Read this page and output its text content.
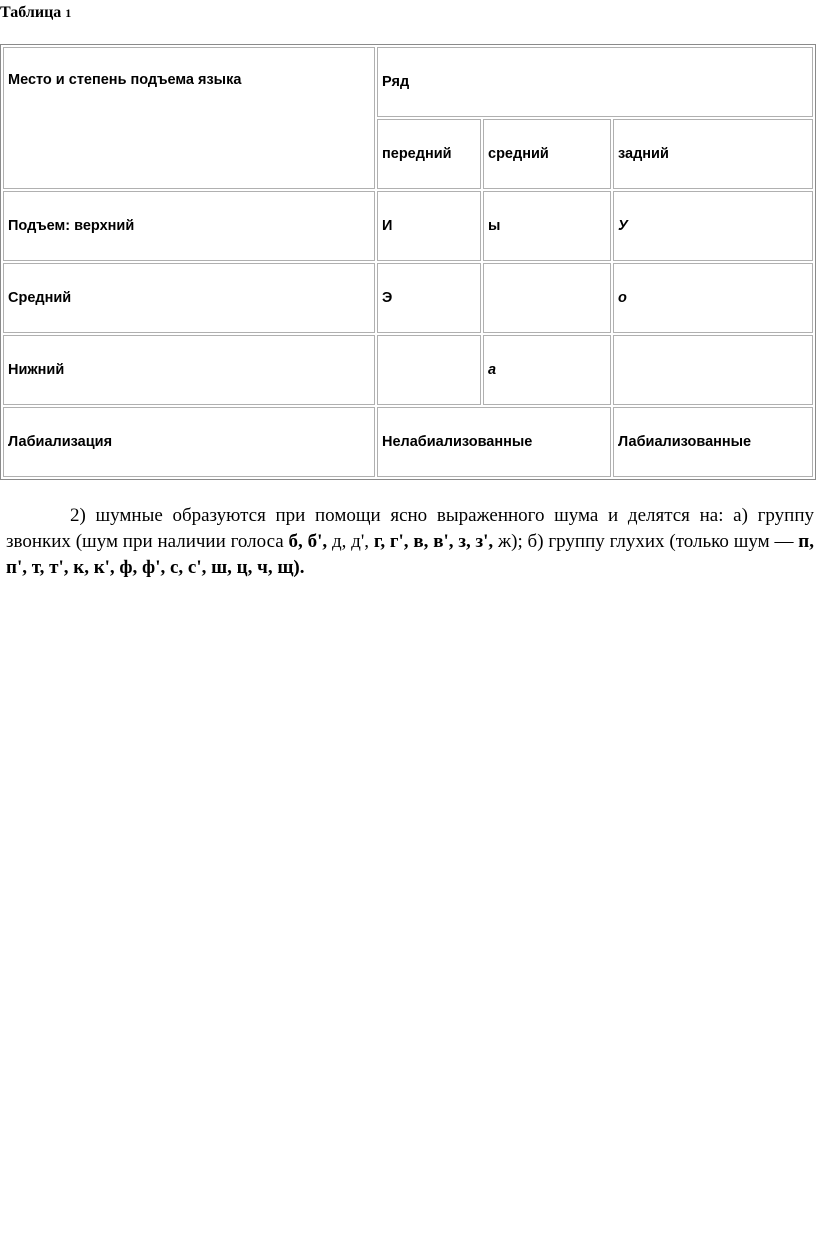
Таблица 1
Место и степень подъема языка	Ряд		
	передний	средний	задний
Подъем: верхний	И	ы	У
Средний	Э		о
Нижний		а	
Лабиализация	Нелабиализованные		Лабиализованные

2) шумные образуются при помощи ясно выраженного шума и делятся на: а) группу звонких (шум при наличии голоса б, б', д, д', г, г', в, в', з, з', ж); б) группу глухих (только шум — п, п', т, т', к, к', ф, ф', с, с', ш, ц, ч, щ).
